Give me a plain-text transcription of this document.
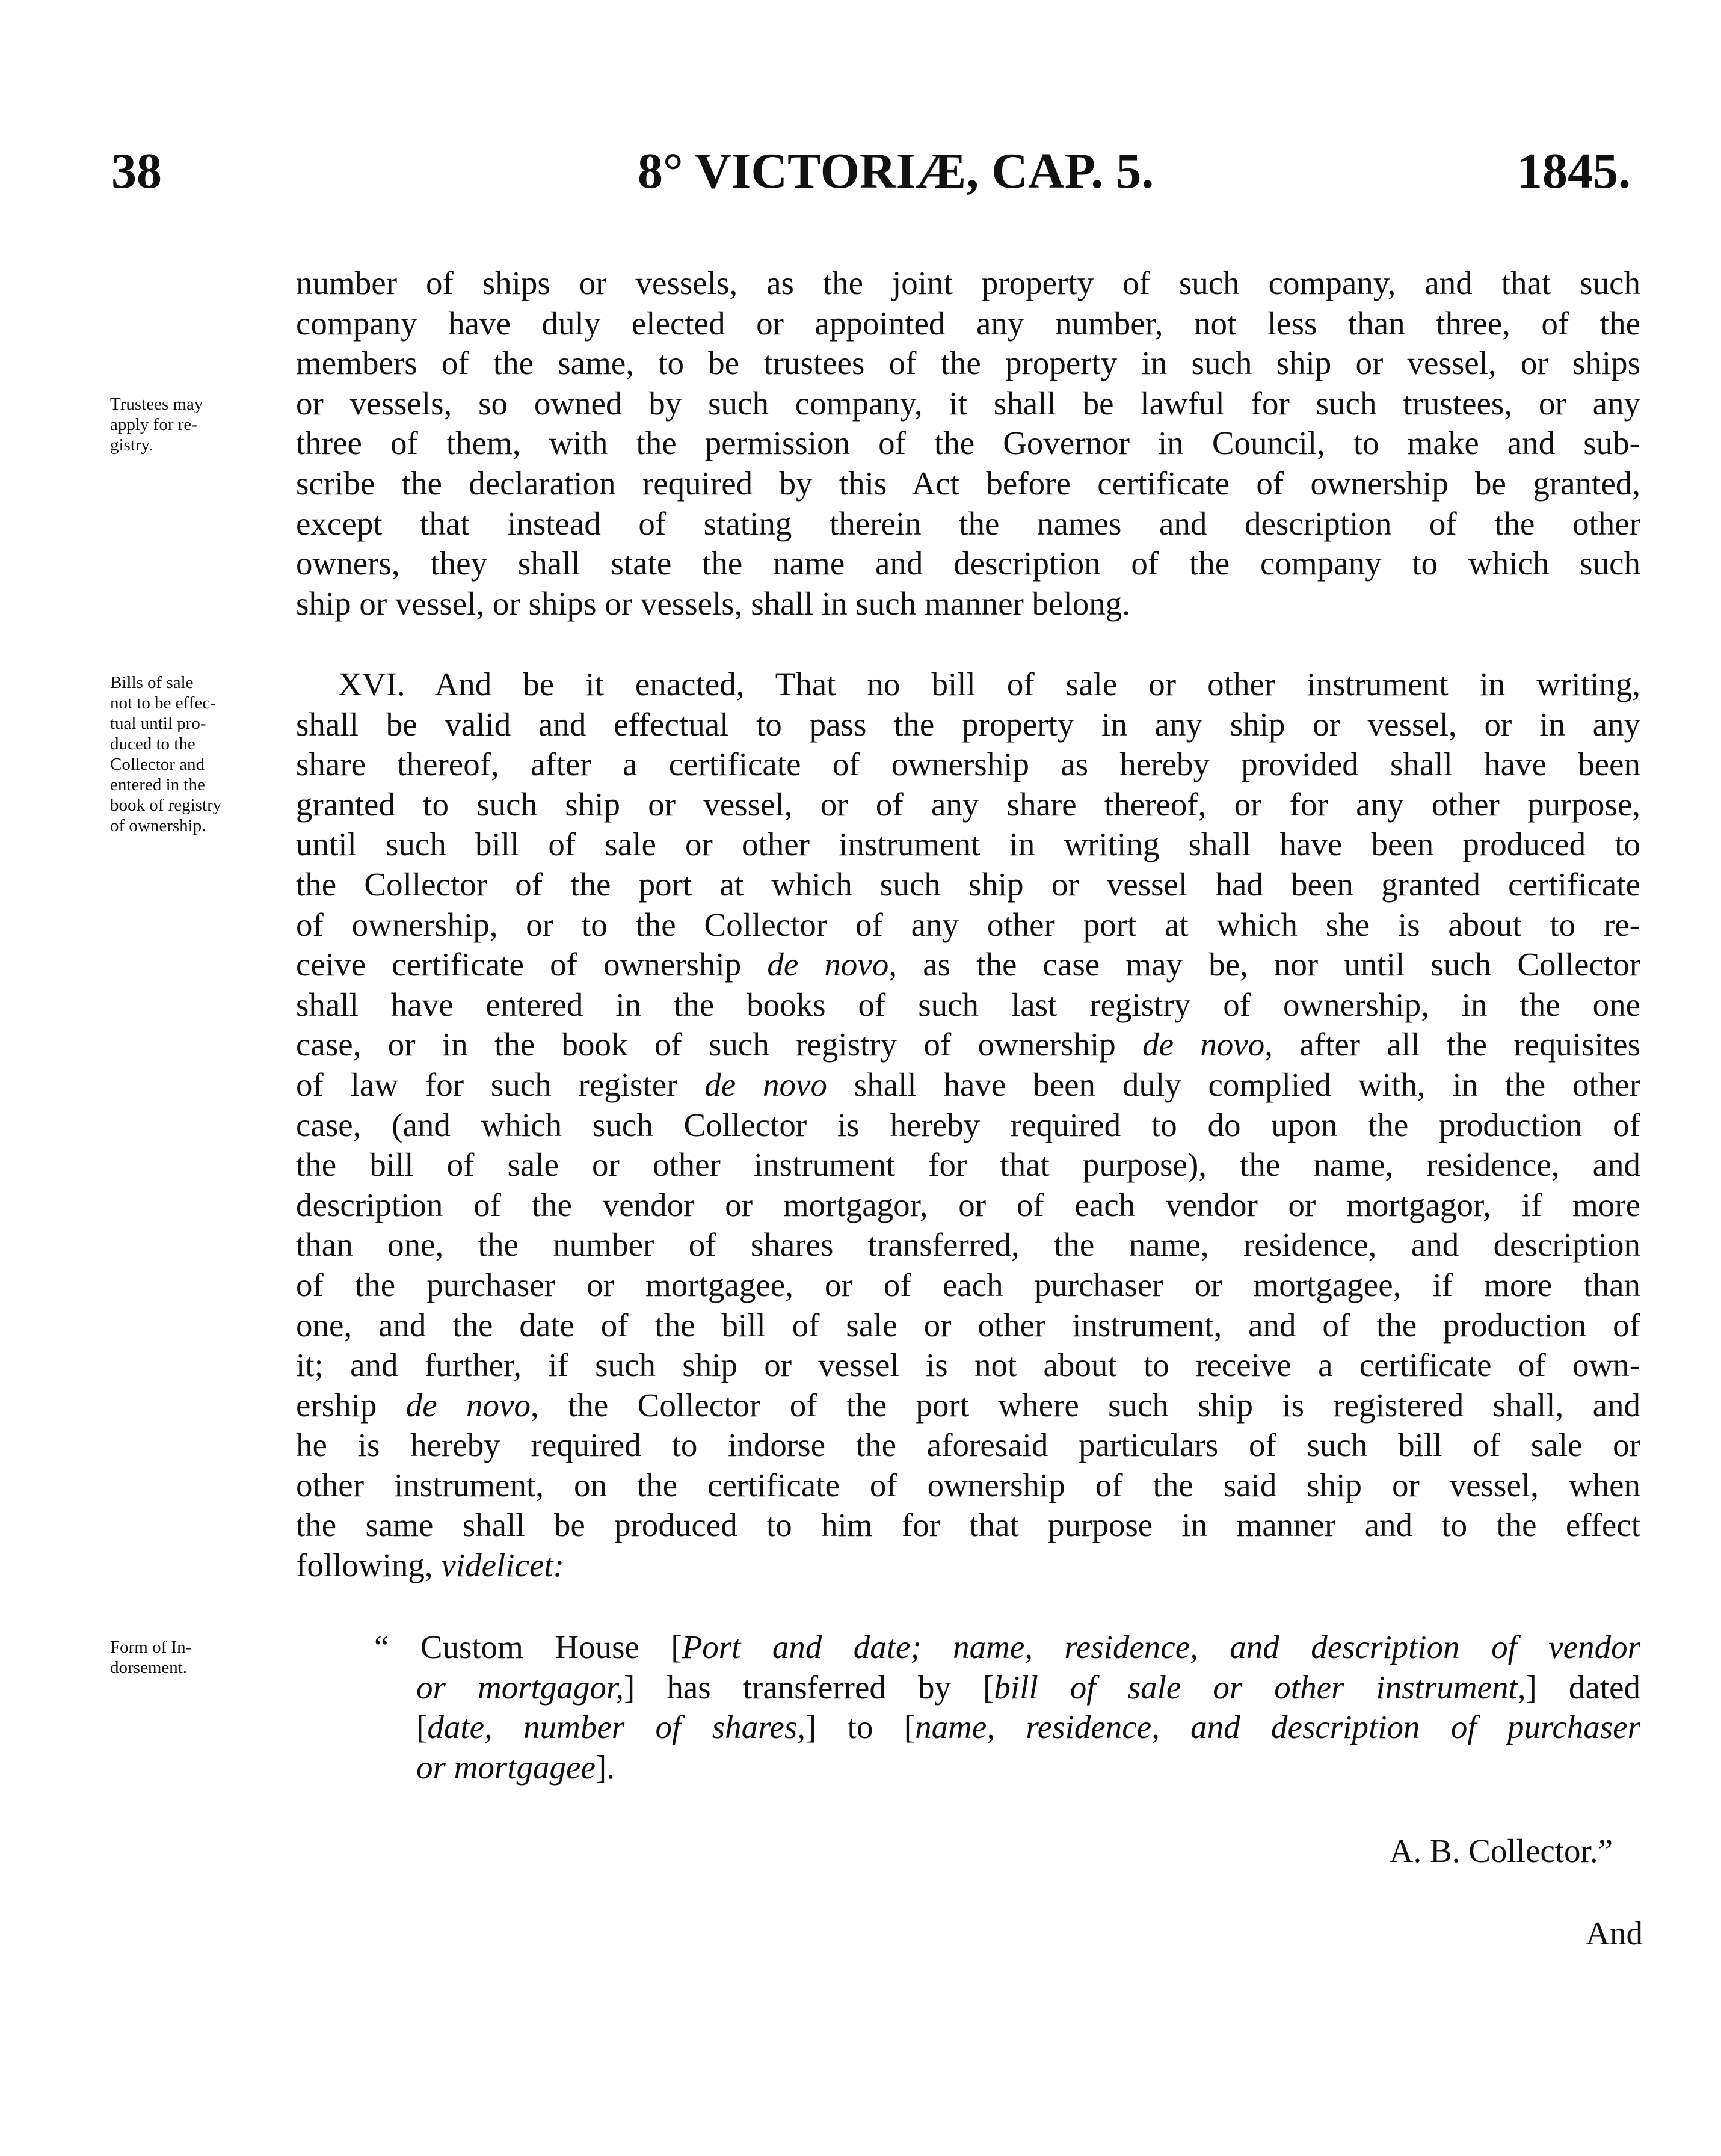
38	8° VICTORIÆ, CAP. 5.	1845.
Trustees may
apply for re-
gistry.
Bills of sale
not to be effec-
tual until pro-
duced to the
Collector and
entered in the
book of registry
of ownership.
Form of In-
dorsement.
number of ships or vessels, as the joint property of such company, and that such
company have duly elected or appointed any number, not less than three, of the
members of the same, to be trustees of the property in such ship or vessel, or ships
or vessels, so owned by such company, it shall be lawful for such trustees, or any
three of them, with the permission of the Governor in Council, to make and sub-
scribe the declaration required by this Act before certificate of ownership be granted,
except that instead of stating therein the names and description of the other
owners, they shall state the name and description of the company to which such
ship or vessel, or ships or vessels, shall in such manner belong.
XVI. And be it enacted, That no bill of sale or other instrument in writing,
shall be valid and effectual to pass the property in any ship or vessel, or in any
share thereof, after a certificate of ownership as hereby provided shall have been
granted to such ship or vessel, or of any share thereof, or for any other purpose,
until such bill of sale or other instrument in writing shall have been produced to
the Collector of the port at which such ship or vessel had been granted certificate
of ownership, or to the Collector of any other port at which she is about to re-
ceive certificate of ownership de novo, as the case may be, nor until such Collector
shall have entered in the books of such last registry of ownership, in the one
case, or in the book of such registry of ownership de novo, after all the requisites
of law for such register de novo shall have been duly complied with, in the other
case, (and which such Collector is hereby required to do upon the production of
the bill of sale or other instrument for that purpose), the name, residence, and
description of the vendor or mortgagor, or of each vendor or mortgagor, if more
than one, the number of shares transferred, the name, residence, and description
of the purchaser or mortgagee, or of each purchaser or mortgagee, if more than
one, and the date of the bill of sale or other instrument, and of the production of
it; and further, if such ship or vessel is not about to receive a certificate of own-
ership de novo, the Collector of the port where such ship is registered shall, and
he is hereby required to indorse the aforesaid particulars of such bill of sale or
other instrument, on the certificate of ownership of the said ship or vessel, when
the same shall be produced to him for that purpose in manner and to the effect
following, videlicet:
“ Custom House [Port and date; name, residence, and description of vendor
or mortgagor,] has transferred by [bill of sale or other instrument,] dated
[date, number of shares,] to [name, residence, and description of purchaser
or mortgagee].
A. B. Collector.”
And
